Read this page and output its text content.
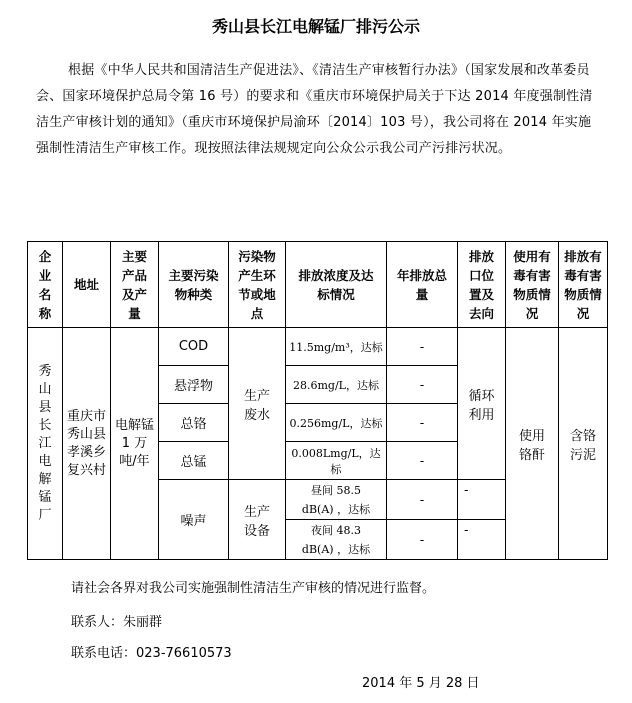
秀山县长江电解锰厂排污公示

根据《中华人民共和国清洁生产促进法》、《清洁生产审核暂行办法》（国家发展和改革委员会、国家环境保护总局令第 16 号）的要求和《重庆市环境保护局关于下达 2014 年度强制性清洁生产审核计划的通知》（重庆市环境保护局渝环〔2014〕103 号），我公司将在 2014 年实施强制性清洁生产审核工作。现按照法律法规规定向公众公示我公司产污排污状况。

企业名称	地址	主要产品及产量	主要污染物种类	污染物产生环节或地点	排放浓度及达标情况	年排放总量	排放口位置及去向	使用有毒有害物质情况	排放有毒有害物质情况

秀山县长江电解锰厂	重庆市秀山县孝溪乡复兴村	电解锰 1 万吨/年	COD	生产废水	11.5mg/m³，达标	-	循环利用	使用铬酐	含铬污泥

			悬浮物		28.6mg/L，达标	-			
			总铬		0.256mg/L，达标	-			
			总锰		0.008Lmg/L，达标	-			
			噪声	生产设备	昼间 58.5 dB(A) ，达标	-	-		

					夜间 48.3 dB(A) ，达标	-	-		
请社会各界对我公司实施强制性清洁生产审核的情况进行监督。
联系人：朱丽群
联系电话：023-76610573
2014 年 5 月 28 日
